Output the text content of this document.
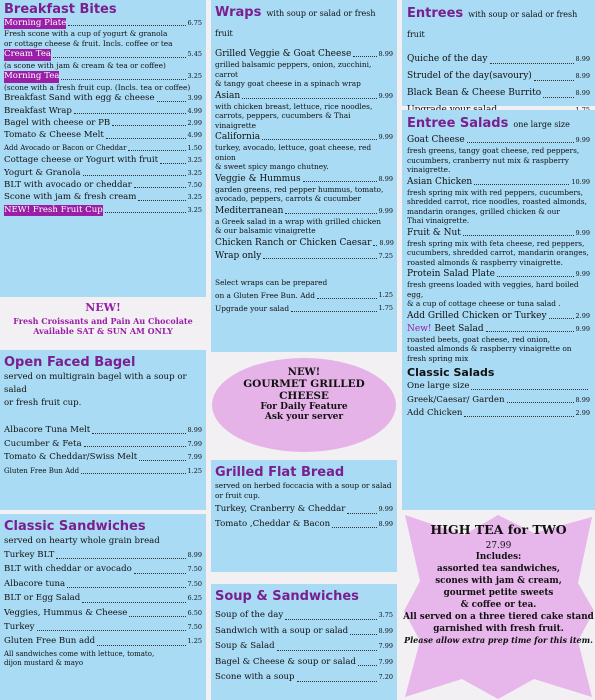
Breakfast Bites
Morning Plate	6.75
Fresh scone with a cup of yogurt & granola
or cottage cheese & fruit. Incls. coffee or tea
Cream Tea	5.45
(a scone with jam & cream & tea or coffee)
Morning Tea	3.25
(scone with a fresh fruit cup. (Incls. tea or coffee)
Breakfast Sand with egg & cheese	3.99
Breakfast Wrap	4.99
Bagel with cheese or PB	2.99
Tomato & Cheese Melt	4.99
Add Avocado or Bacon or Cheddar	1.50
Cottage cheese or Yogurt with fruit	3.25
Yogurt & Granola	3.25
BLT with avocado or cheddar	7.50
Scone with jam & fresh cream	3.25
NEW! Fresh Fruit Cup	3.25
NEW!
Fresh Croissants and Pain Au Chocolate
Available SAT & SUN AM ONLY
Open Faced Bagel
served on multigrain bagel with a soup or salad
or fresh fruit cup.
Albacore Tuna Melt	8.99
Cucumber & Feta	7.99
Tomato & Cheddar/Swiss Melt	7.99
Gluten Free Bun Add	1.25
Classic Sandwiches
served on hearty whole grain bread
Turkey BLT	8.99
BLT with cheddar or avocado	7.50
Albacore tuna	7.50
BLT or Egg Salad	6.25
Veggies, Hummus & Cheese	6.50
Turkey	7.50
Gluten Free Bun add	1.25
All sandwiches come with lettuce, tomato,
dijon mustard & mayo
Wraps with soup or salad or fresh fruit
Grilled Veggie & Goat Cheese	8.99
grilled balsamic peppers, onion, zucchini, carrot
& tangy goat cheese in a spinach wrap
Asian	9.99
with chicken breast, lettuce, rice noodles,
carrots, peppers, cucumbers & Thai vinaigrette
California	9.99
turkey, avocado, lettuce, goat cheese, red onion
& sweet spicy mango chutney.
Veggie & Hummus	8.99
garden greens, red pepper hummus, tomato,
avocado, peppers, carrots & cucumber
Mediterranean	9.99
a Greek salad in a wrap with grilled chicken
& our balsamic vinaigrette
Chicken Ranch or Chicken Caesar 8.99
Wrap only	7.25
Select wraps can be prepared
on a Gluten Free Bun. Add	1.25
Upgrade your salad	1.75
NEW!
GOURMET GRILLED
CHEESE
For Daily Feature
Ask your server
Grilled Flat Bread
served on herbed foccacia with a soup or salad
or fruit cup.
Turkey, Cranberry & Cheddar	9.99
Tomato ,Cheddar & Bacon	8.99
Soup & Sandwiches
Soup of the day	3.75
Sandwich with a soup or salad	8.99
Soup & Salad	7.99
Bagel & Cheese & soup or salad	7.99
Scone with a soup	7.20
Entrees with soup or salad or fresh fruit
Quiche of the day	8.99
Strudel of the day(savoury)	8.99
Black Bean & Cheese Burrito	8.99
Entree Salads one large size
Goat Cheese	9.99
fresh greens, tangy goat cheese, red peppers,
cucumbers, cranberry nut mix & raspberry
vinaigrette.
Asian Chicken	10.99
fresh spring mix with red peppers, cucumbers,
shredded carrot, rice noodles, roasted almonds,
mandarin oranges, grilled chicken & our
Thai vinaigrette.
Fruit & Nut	9.99
fresh spring mix with feta cheese, red peppers,
cucumbers, shredded carrot, mandarin oranges,
roasted almonds & raspberry vinaigrette.
Protein Salad Plate	9.99
fresh greens loaded with veggies, hard boiled egg,
& a cup of cottage cheese or tuna salad .
Add Grilled Chicken or Turkey	2.99
New! Beet Salad	9.99
roasted beets, goat cheese, red onion,
toasted almonds & raspberry vinaigrette on
fresh spring mix
Classic Salads
One large size
Greek/Caesar/ Garden	8.99
Add Chicken	2.99
HIGH TEA for TWO
27.99
Includes:
assorted tea sandwiches,
scones with jam & cream,
gourmet petite sweets
& coffee or tea.
All served on a three tiered cake stand
garnished with fresh fruit.
Please allow extra prep time for this item.
